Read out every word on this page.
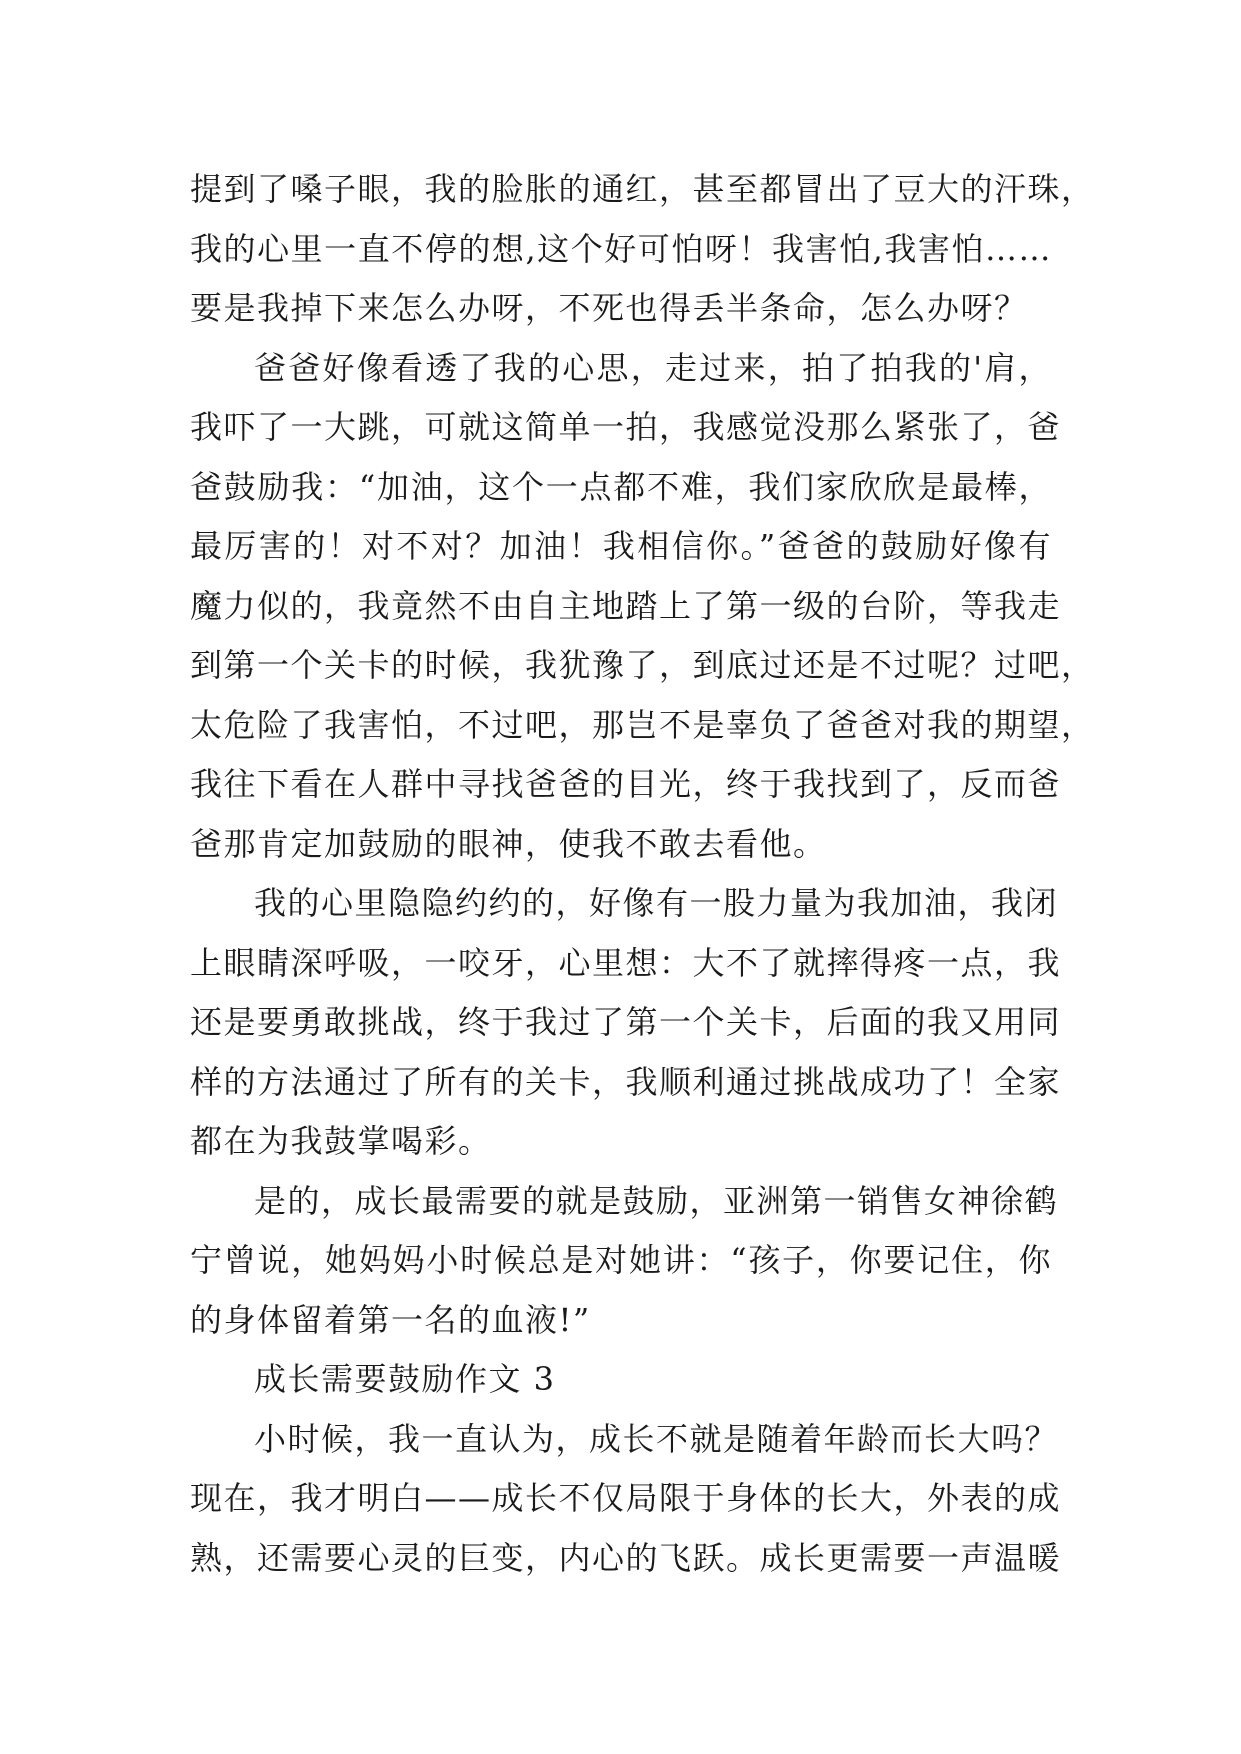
提到了嗓子眼，我的脸胀的通红，甚至都冒出了豆大的汗珠，
我的心里一直不停的想,这个好可怕呀！我害怕,我害怕……
要是我掉下来怎么办呀，不死也得丢半条命，怎么办呀？
爸爸好像看透了我的心思，走过来，拍了拍我的'肩，
我吓了一大跳，可就这简单一拍，我感觉没那么紧张了，爸
爸鼓励我：“加油，这个一点都不难，我们家欣欣是最棒，
最厉害的！对不对？加油！我相信你。”爸爸的鼓励好像有
魔力似的，我竟然不由自主地踏上了第一级的台阶，等我走
到第一个关卡的时候，我犹豫了，到底过还是不过呢？过吧，
太危险了我害怕，不过吧，那岂不是辜负了爸爸对我的期望，
我往下看在人群中寻找爸爸的目光，终于我找到了，反而爸
爸那肯定加鼓励的眼神，使我不敢去看他。
我的心里隐隐约约的，好像有一股力量为我加油，我闭
上眼睛深呼吸，一咬牙，心里想：大不了就摔得疼一点，我
还是要勇敢挑战，终于我过了第一个关卡，后面的我又用同
样的方法通过了所有的关卡，我顺利通过挑战成功了！全家
都在为我鼓掌喝彩。
是的，成长最需要的就是鼓励，亚洲第一销售女神徐鹤
宁曾说，她妈妈小时候总是对她讲：“孩子，你要记住，你
的身体留着第一名的血液!”
成长需要鼓励作文 3
小时候，我一直认为，成长不就是随着年龄而长大吗？
现在，我才明白——成长不仅局限于身体的长大，外表的成
熟，还需要心灵的巨变，内心的飞跃。成长更需要一声温暖
